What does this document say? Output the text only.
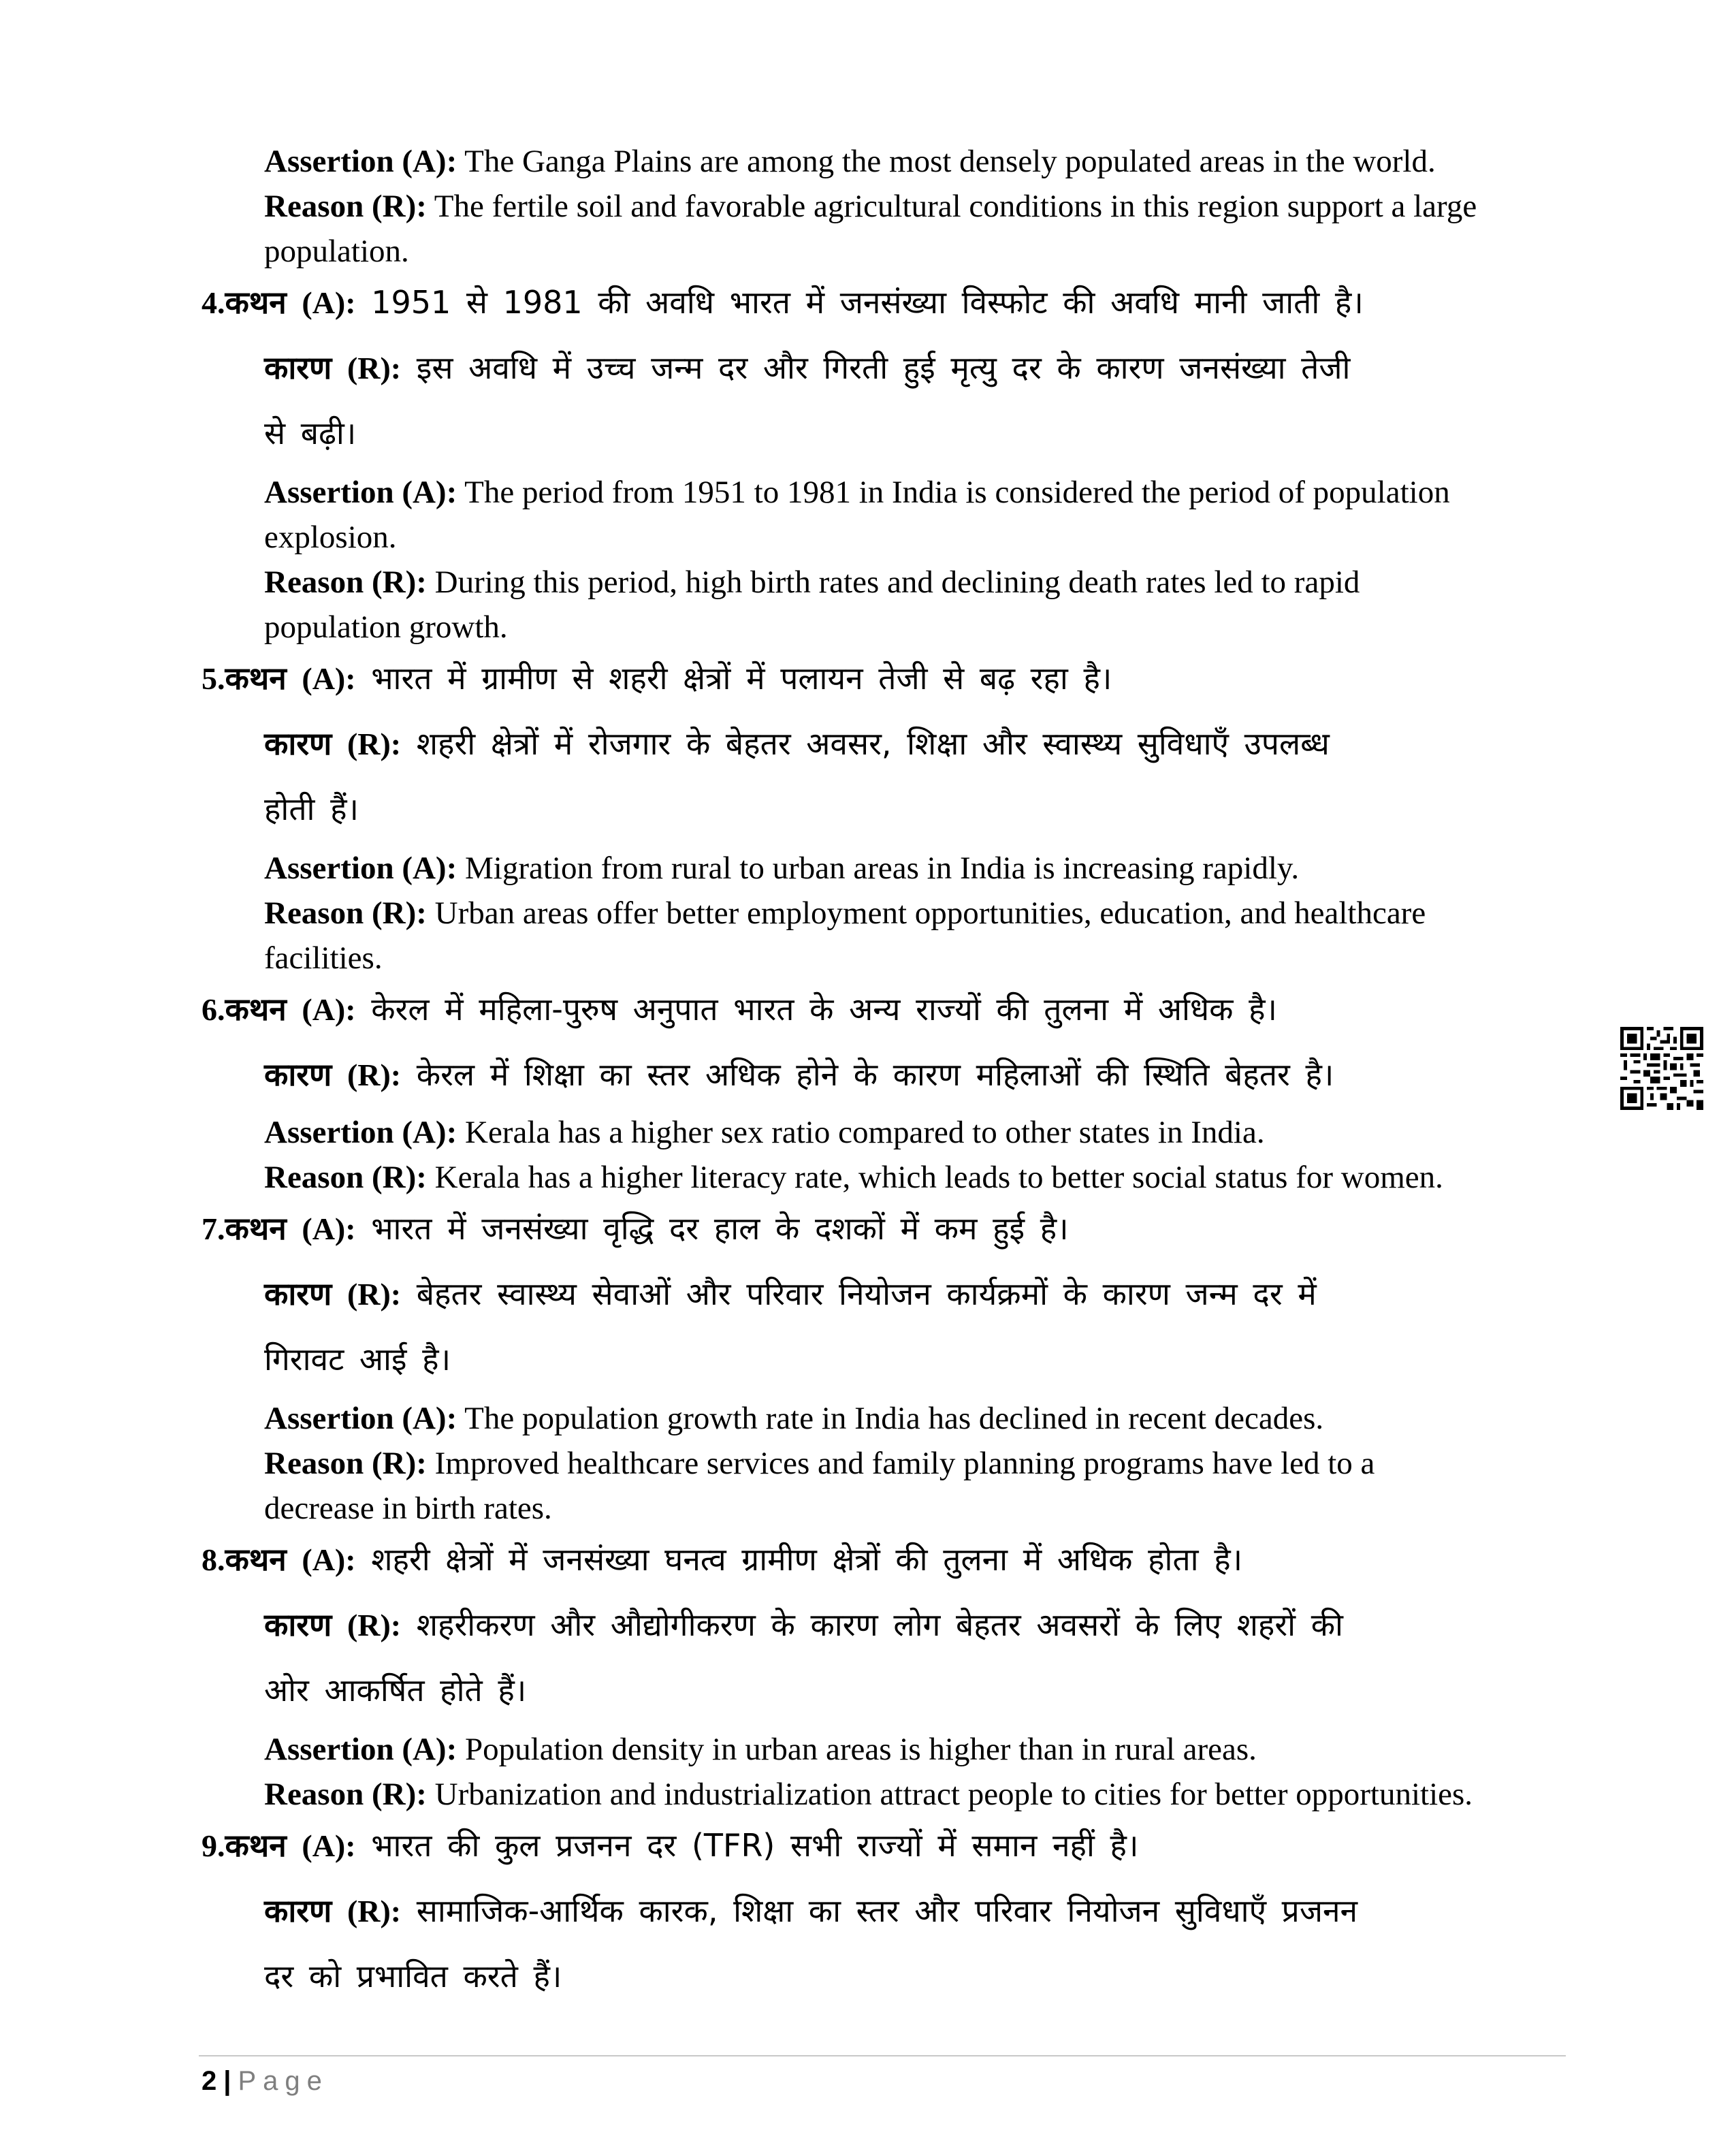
Assertion (A): The Ganga Plains are among the most densely populated areas in the world.
Reason (R): The fertile soil and favorable agricultural conditions in this region support a large
population.
4.कथन (A): 1951 से 1981 की अवधि भारत में जनसंख्या विस्फोट की अवधि मानी जाती है।
कारण (R): इस अवधि में उच्च जन्म दर और गिरती हुई मृत्यु दर के कारण जनसंख्या तेजी
से बढ़ी।
Assertion (A): The period from 1951 to 1981 in India is considered the period of population
explosion.
Reason (R): During this period, high birth rates and declining death rates led to rapid
population growth.
5.कथन (A): भारत में ग्रामीण से शहरी क्षेत्रों में पलायन तेजी से बढ़ रहा है।
कारण (R): शहरी क्षेत्रों में रोजगार के बेहतर अवसर, शिक्षा और स्वास्थ्य सुविधाएँ उपलब्ध
होती हैं।
Assertion (A): Migration from rural to urban areas in India is increasing rapidly.
Reason (R): Urban areas offer better employment opportunities, education, and healthcare
facilities.
6.कथन (A): केरल में महिला-पुरुष अनुपात भारत के अन्य राज्यों की तुलना में अधिक है।
कारण (R): केरल में शिक्षा का स्तर अधिक होने के कारण महिलाओं की स्थिति बेहतर है।
Assertion (A): Kerala has a higher sex ratio compared to other states in India.
Reason (R): Kerala has a higher literacy rate, which leads to better social status for women.
7.कथन (A): भारत में जनसंख्या वृद्धि दर हाल के दशकों में कम हुई है।
कारण (R): बेहतर स्वास्थ्य सेवाओं और परिवार नियोजन कार्यक्रमों के कारण जन्म दर में
गिरावट आई है।
Assertion (A): The population growth rate in India has declined in recent decades.
Reason (R): Improved healthcare services and family planning programs have led to a
decrease in birth rates.
8.कथन (A): शहरी क्षेत्रों में जनसंख्या घनत्व ग्रामीण क्षेत्रों की तुलना में अधिक होता है।
कारण (R): शहरीकरण और औद्योगीकरण के कारण लोग बेहतर अवसरों के लिए शहरों की
ओर आकर्षित होते हैं।
Assertion (A): Population density in urban areas is higher than in rural areas.
Reason (R): Urbanization and industrialization attract people to cities for better opportunities.
9.कथन (A): भारत की कुल प्रजनन दर (TFR) सभी राज्यों में समान नहीं है।
कारण (R): सामाजिक-आर्थिक कारक, शिक्षा का स्तर और परिवार नियोजन सुविधाएँ प्रजनन
दर को प्रभावित करते हैं।
2 | Page
